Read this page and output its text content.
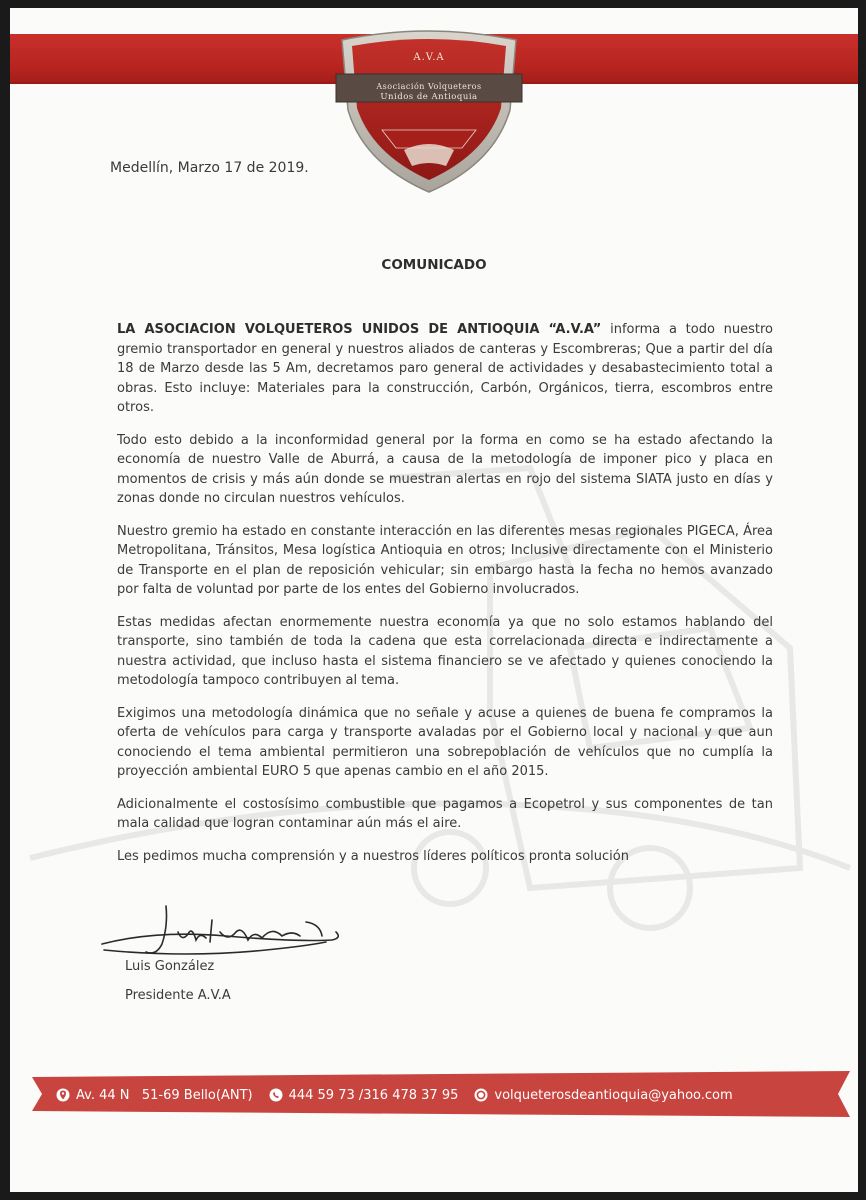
A.V.A
Asociación Volqueteros
Unidos de Antioquia
Medellín, Marzo 17 de 2019.
COMUNICADO

LA ASOCIACION VOLQUETEROS UNIDOS DE ANTIOQUIA “A.V.A” informa a todo nuestro gremio transportador en general y nuestros aliados de canteras y Escombreras; Que a partir del día 18 de Marzo desde las 5 Am, decretamos paro general de actividades y desabastecimiento total a obras. Esto incluye: Materiales para la construcción, Carbón, Orgánicos, tierra, escombros entre otros.

Todo esto debido a la inconformidad general por la forma en como se ha estado afectando la economía de nuestro Valle de Aburrá, a causa de la metodología de imponer pico y placa en momentos de crisis y más aún donde se muestran alertas en rojo del sistema SIATA justo en días y zonas donde no circulan nuestros vehículos.

Nuestro gremio ha estado en constante interacción en las diferentes mesas regionales PIGECA, Área Metropolitana, Tránsitos, Mesa logística Antioquia en otros; Inclusive directamente con el Ministerio de Transporte en el plan de reposición vehicular; sin embargo hasta la fecha no hemos avanzado por falta de voluntad por parte de los entes del Gobierno involucrados.

Estas medidas afectan enormemente nuestra economía ya que no solo estamos hablando del transporte, sino también de toda la cadena que esta correlacionada directa e indirectamente a nuestra actividad, que incluso hasta el sistema financiero se ve afectado y quienes conociendo la metodología tampoco contribuyen al tema.

Exigimos una metodología dinámica que no señale y acuse a quienes de buena fe compramos la oferta de vehículos para carga y transporte avaladas por el Gobierno local y nacional y que aun conociendo el tema ambiental permitieron una sobrepoblación de vehículos que no cumplía la proyección ambiental EURO 5 que apenas cambio en el año 2015.

Adicionalmente el costosísimo combustible que pagamos a Ecopetrol y sus componentes de tan mala calidad que logran contaminar aún más el aire.

Les pedimos mucha comprensión y a nuestros líderes políticos pronta solución

Luis González
Presidente A.V.A
Av. 44 N   51-69 Bello(ANT)	444 59 73 /316 478 37 95	volqueterosdeantioquia@yahoo.com
